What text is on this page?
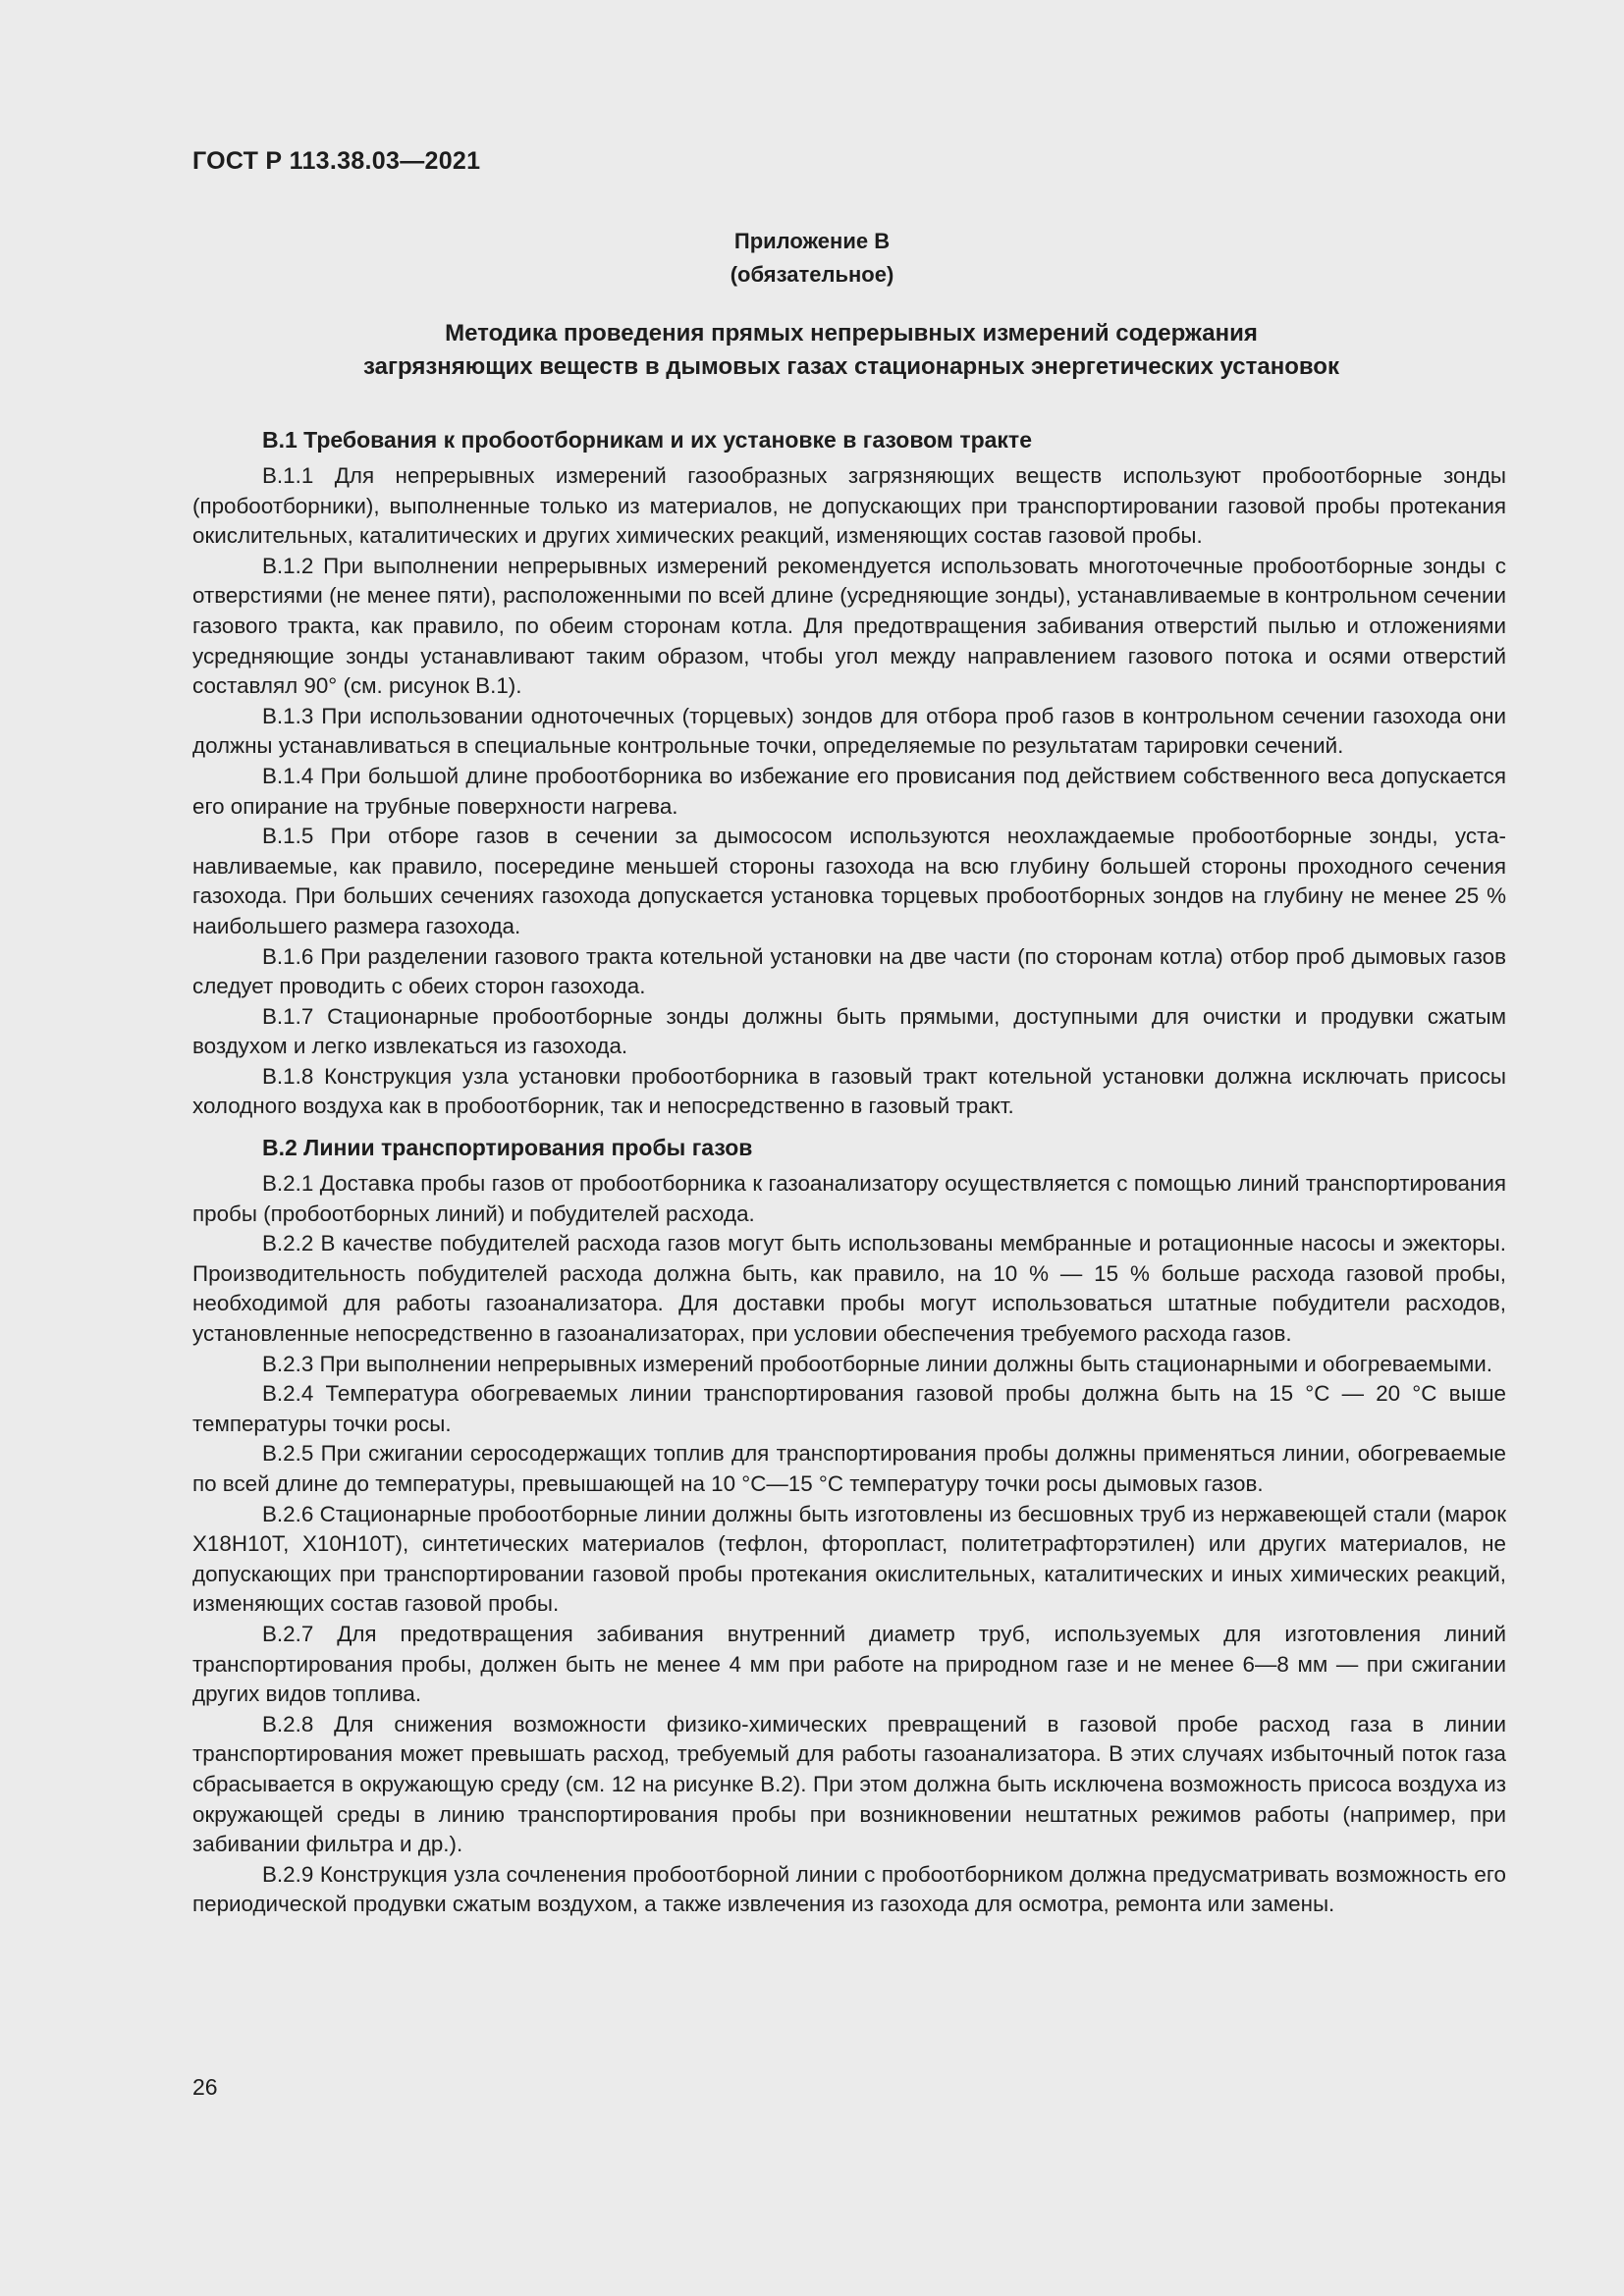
ГОСТ Р 113.38.03—2021
Приложение В
(обязательное)
Методика проведения прямых непрерывных измерений содержания
загрязняющих веществ в дымовых газах стационарных энергетических установок
В.1 Требования к пробоотборникам и их установке в газовом тракте

В.1.1 Для непрерывных измерений газообразных загрязняющих веществ используют пробоотборные зонды (пробоотборники), выполненные только из материалов, не допускающих при транспортировании газовой пробы протекания окислительных, каталитических и других химических реакций, изменяющих состав газовой пробы.

В.1.2 При выполнении непрерывных измерений рекомендуется использовать многоточечные пробоотборные зонды с отверстиями (не менее пяти), расположенными по всей длине (усредняющие зонды), устанавливаемые в контрольном сечении газового тракта, как правило, по обеим сторонам котла. Для предотвращения забивания отверстий пылью и отложениями усредняющие зонды устанавливают таким образом, чтобы угол между направлением газового потока и осями отверстий составлял 90° (см. рисунок В.1).

В.1.3 При использовании одноточечных (торцевых) зондов для отбора проб газов в контрольном сечении газохода они должны устанавливаться в специальные контрольные точки, определяемые по результатам тарировки сечений.

В.1.4 При большой длине пробоотборника во избежание его провисания под действием собственного веса допускается его опирание на трубные поверхности нагрева.

В.1.5 При отборе газов в сечении за дымососом используются неохлаждаемые пробоотборные зонды, устанавливаемые, как правило, посередине меньшей стороны газохода на всю глубину большей стороны проходного сечения газохода. При больших сечениях газохода допускается установка торцевых пробоотборных зондов на глубину не менее 25 % наибольшего размера газохода.

В.1.6 При разделении газового тракта котельной установки на две части (по сторонам котла) отбор проб дымовых газов следует проводить с обеих сторон газохода.

В.1.7 Стационарные пробоотборные зонды должны быть прямыми, доступными для очистки и продувки сжатым воздухом и легко извлекаться из газохода.

В.1.8 Конструкция узла установки пробоотборника в газовый тракт котельной установки должна исключать присосы холодного воздуха как в пробоотборник, так и непосредственно в газовый тракт.

В.2 Линии транспортирования пробы газов

В.2.1 Доставка пробы газов от пробоотборника к газоанализатору осуществляется с помощью линий транспортирования пробы (пробоотборных линий) и побудителей расхода.

В.2.2 В качестве побудителей расхода газов могут быть использованы мембранные и ротационные насосы и эжекторы. Производительность побудителей расхода должна быть, как правило, на 10 % — 15 % больше расхода газовой пробы, необходимой для работы газоанализатора. Для доставки пробы могут использоваться штатные побудители расходов, установленные непосредственно в газоанализаторах, при условии обеспечения требуемого расхода газов.

В.2.3 При выполнении непрерывных измерений пробоотборные линии должны быть стационарными и обогреваемыми.

В.2.4 Температура обогреваемых линии транспортирования газовой пробы должна быть на 15 °С — 20 °С выше температуры точки росы.

В.2.5 При сжигании серосодержащих топлив для транспортирования пробы должны применяться линии, обогреваемые по всей длине до температуры, превышающей на 10 °С—15 °С температуру точки росы дымовых газов.

В.2.6 Стационарные пробоотборные линии должны быть изготовлены из бесшовных труб из нержавеющей стали (марок Х18Н10Т, Х10Н10Т), синтетических материалов (тефлон, фторопласт, политетрафторэтилен) или других материалов, не допускающих при транспортировании газовой пробы протекания окислительных, каталитических и иных химических реакций, изменяющих состав газовой пробы.

В.2.7 Для предотвращения забивания внутренний диаметр труб, используемых для изготовления линий транспортирования пробы, должен быть не менее 4 мм при работе на природном газе и не менее 6—8 мм — при сжигании других видов топлива.

В.2.8 Для снижения возможности физико-химических превращений в газовой пробе расход газа в линии транспортирования может превышать расход, требуемый для работы газоанализатора. В этих случаях избыточный поток газа сбрасывается в окружающую среду (см. 12 на рисунке В.2). При этом должна быть исключена возможность присоса воздуха из окружающей среды в линию транспортирования пробы при возникновении нештатных режимов работы (например, при забивании фильтра и др.).

В.2.9 Конструкция узла сочленения пробоотборной линии с пробоотборником должна предусматривать возможность его периодической продувки сжатым воздухом, а также извлечения из газохода для осмотра, ремонта или замены.

26
